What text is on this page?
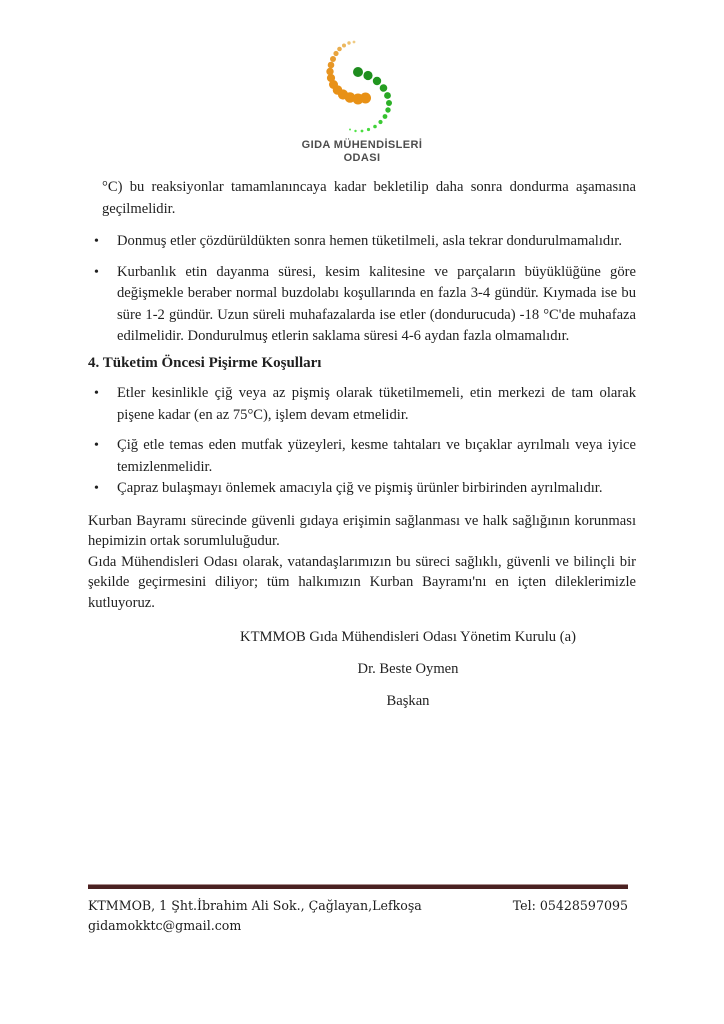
GIDA MÜHENDİSLERİ
ODASI

°C) bu reaksiyonlar tamamlanıncaya kadar bekletilip daha sonra dondurma aşamasına geçilmelidir.

• Donmuş etler çözdürüldükten sonra hemen tüketilmeli, asla tekrar dondurulmamalıdır.
• Kurbanlık etin dayanma süresi, kesim kalitesine ve parçaların büyüklüğüne göre değişmekle beraber normal buzdolabı koşullarında en fazla 3-4 gündür. Kıymada ise bu süre 1-2 gündür. Uzun süreli muhafazalarda ise etler (dondurucuda) -18 °C'de muhafaza edilmelidir. Dondurulmuş etlerin saklama süresi 4-6 aydan fazla olmamalıdır.
4. Tüketim Öncesi Pişirme Koşulları
• Etler kesinlikle çiğ veya az pişmiş olarak tüketilmemeli, etin merkezi de tam olarak pişene kadar (en az 75°C), işlem devam etmelidir.
• Çiğ etle temas eden mutfak yüzeyleri, kesme tahtaları ve bıçaklar ayrılmalı veya iyice temizlenmelidir.
• Çapraz bulaşmayı önlemek amacıyla çiğ ve pişmiş ürünler birbirinden ayrılmalıdır.

Kurban Bayramı sürecinde güvenli gıdaya erişimin sağlanması ve halk sağlığının korunması hepimizin ortak sorumluluğudur.

Gıda Mühendisleri Odası olarak, vatandaşlarımızın bu süreci sağlıklı, güvenli ve bilinçli bir şekilde geçirmesini diliyor; tüm halkımızın Kurban Bayramı'nı en içten dileklerimizle kutluyoruz.

KTMMOB Gıda Mühendisleri Odası Yönetim Kurulu (a)

Dr. Beste Oymen

Başkan

KTMMOB, 1 Şht.İbrahim Ali Sok., Çağlayan,Lefkoşa	Tel: 05428597095
gidamokktc@gmail.com
